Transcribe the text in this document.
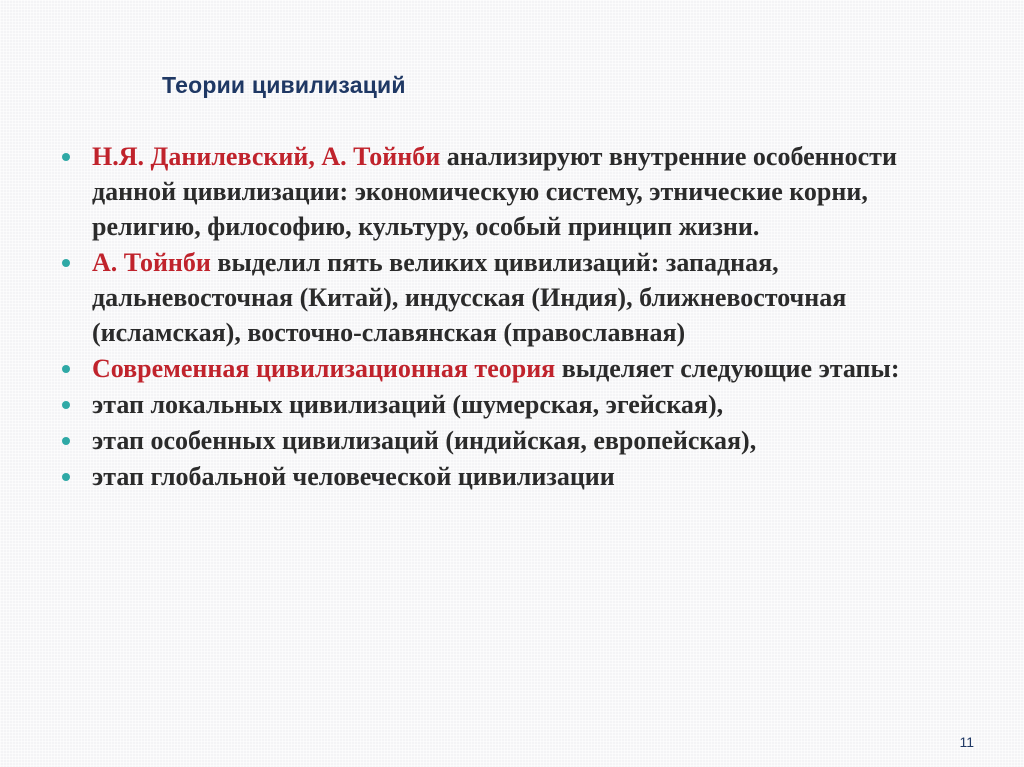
Теории цивилизаций
Н.Я. Данилевский, А. Тойнби анализируют внутренние особенности данной цивилизации: экономическую систему, этнические корни, религию, философию, культуру, особый принцип жизни.
А. Тойнби выделил пять великих цивилизаций: западная, дальневосточная (Китай), индусская (Индия), ближневосточная (исламская), восточно-славянская (православная)
Современная цивилизационная теория выделяет следующие этапы:
этап локальных цивилизаций (шумерская, эгейская),
этап особенных цивилизаций (индийская, европейская),
этап глобальной человеческой цивилизации
11
